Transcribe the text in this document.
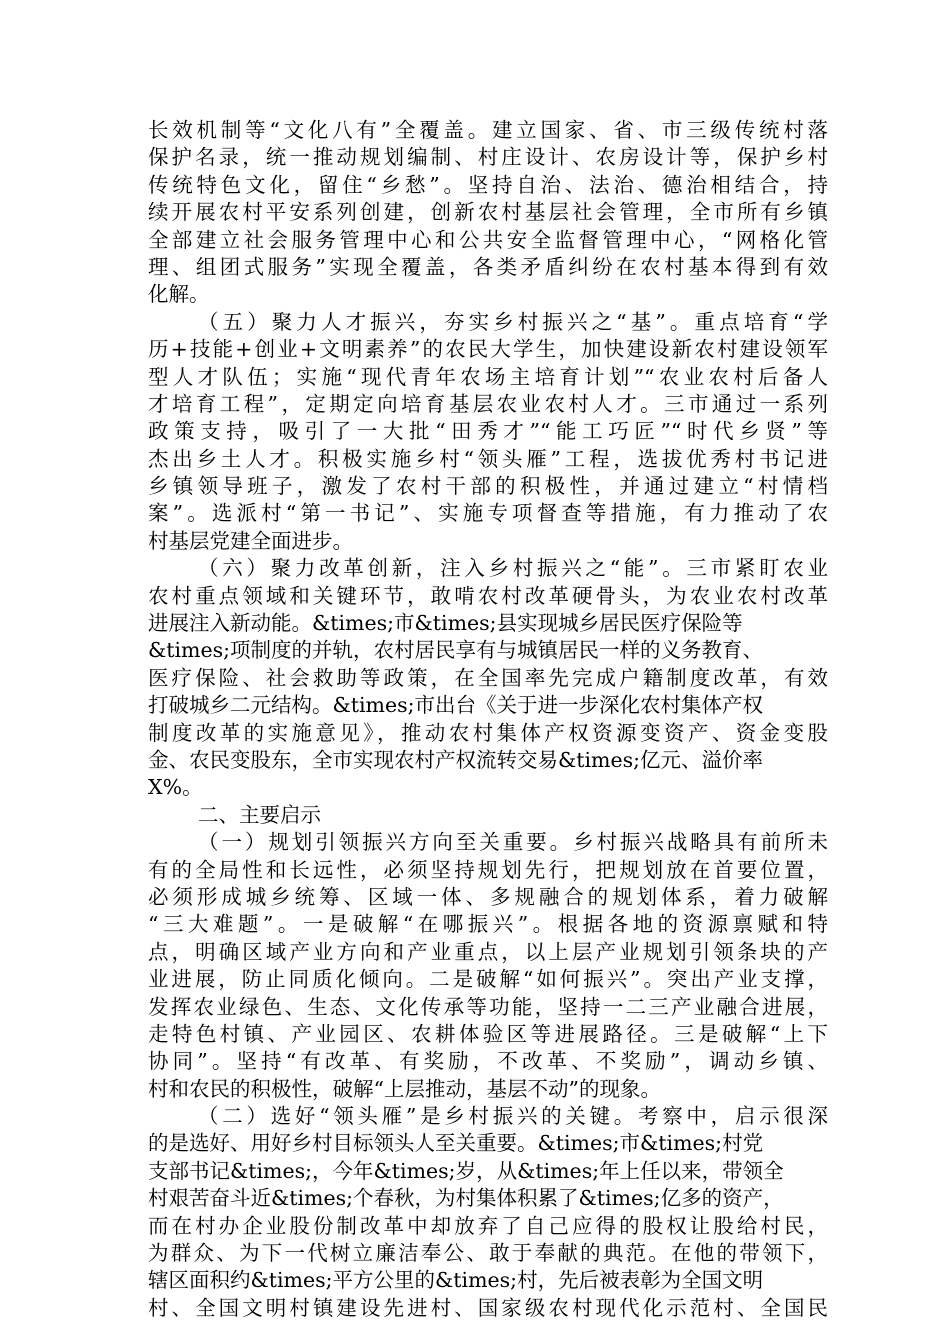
长效机制等“文化八有”全覆盖。建立国家、省、市三级传统村落
保护名录，统一推动规划编制、村庄设计、农房设计等，保护乡村
传统特色文化，留住“乡愁”。坚持自治、法治、德治相结合，持
续开展农村平安系列创建，创新农村基层社会管理，全市所有乡镇
全部建立社会服务管理中心和公共安全监督管理中心，“网格化管
理、组团式服务”实现全覆盖，各类矛盾纠纷在农村基本得到有效
化解。
（五）聚力人才振兴，夯实乡村振兴之“基”。重点培育“学
历+技能+创业+文明素养”的农民大学生，加快建设新农村建设领军
型人才队伍；实施“现代青年农场主培育计划”“农业农村后备人
才培育工程”，定期定向培育基层农业农村人才。三市通过一系列
政策支持，吸引了一大批“田秀才”“能工巧匠”“时代乡贤”等
杰出乡土人才。积极实施乡村“领头雁”工程，选拔优秀村书记进
乡镇领导班子，激发了农村干部的积极性，并通过建立“村情档
案”。选派村“第一书记”、实施专项督查等措施，有力推动了农
村基层党建全面进步。
（六）聚力改革创新，注入乡村振兴之“能”。三市紧盯农业
农村重点领域和关键环节，敢啃农村改革硬骨头，为农业农村改革
进展注入新动能。&times;市&times;县实现城乡居民医疗保险等
&times;项制度的并轨，农村居民享有与城镇居民一样的义务教育、
医疗保险、社会救助等政策，在全国率先完成户籍制度改革，有效
打破城乡二元结构。&times;市出台《关于进一步深化农村集体产权
制度改革的实施意见》，推动农村集体产权资源变资产、资金变股
金、农民变股东，全市实现农村产权流转交易&times;亿元、溢价率
X%。
二、主要启示
（一）规划引领振兴方向至关重要。乡村振兴战略具有前所未
有的全局性和长远性，必须坚持规划先行，把规划放在首要位置，
必须形成城乡统筹、区域一体、多规融合的规划体系，着力破解
“三大难题”。一是破解“在哪振兴”。根据各地的资源禀赋和特
点，明确区域产业方向和产业重点，以上层产业规划引领条块的产
业进展，防止同质化倾向。二是破解“如何振兴”。突出产业支撑，
发挥农业绿色、生态、文化传承等功能，坚持一二三产业融合进展，
走特色村镇、产业园区、农耕体验区等进展路径。三是破解“上下
协同”。坚持“有改革、有奖励，不改革、不奖励”，调动乡镇、
村和农民的积极性，破解“上层推动，基层不动”的现象。
（二）选好“领头雁”是乡村振兴的关键。考察中，启示很深
的是选好、用好乡村目标领头人至关重要。&times;市&times;村党
支部书记&times;，今年&times;岁，从&times;年上任以来，带领全
村艰苦奋斗近&times;个春秋，为村集体积累了&times;亿多的资产，
而在村办企业股份制改革中却放弃了自己应得的股权让股给村民，
为群众、为下一代树立廉洁奉公、敢于奉献的典范。在他的带领下，
辖区面积约&times;平方公里的&times;村，先后被表彰为全国文明
村、全国文明村镇建设先进村、国家级农村现代化示范村、全国民
